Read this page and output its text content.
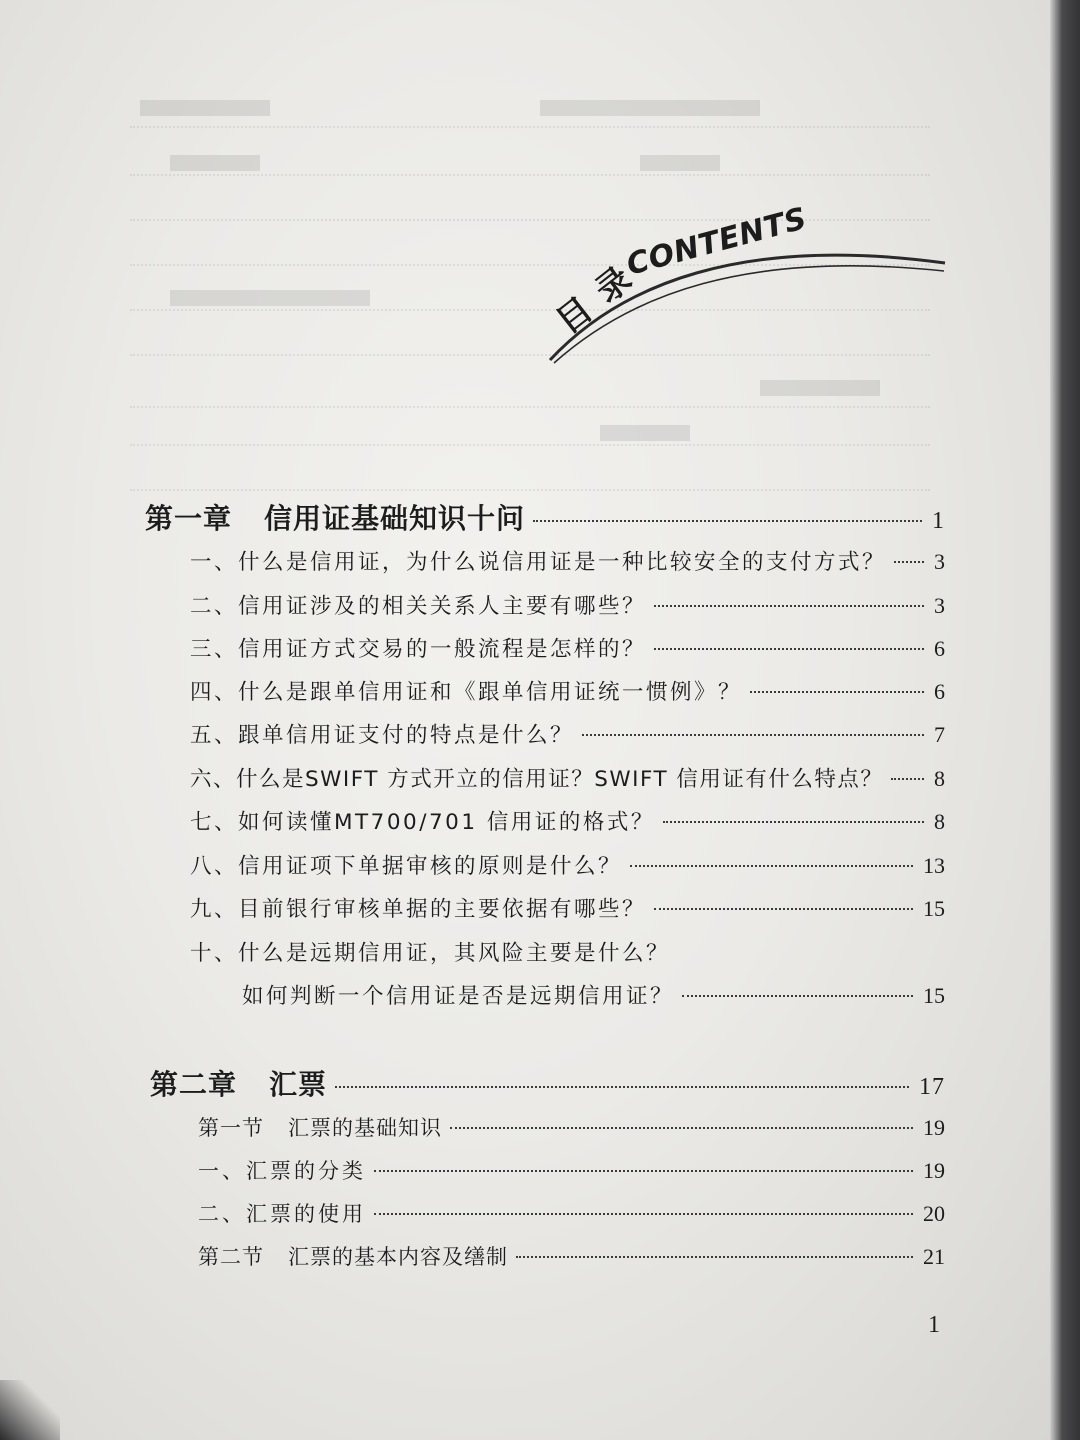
目 录
CONTENTS
第一章 信用证基础知识十问	1
一、什么是信用证，为什么说信用证是一种比较安全的支付方式？ 3
二、信用证涉及的相关关系人主要有哪些？	3
三、信用证方式交易的一般流程是怎样的？	6
四、什么是跟单信用证和《跟单信用证统一惯例》？	6
五、跟单信用证支付的特点是什么？	7
六、什么是SWIFT 方式开立的信用证？SWIFT 信用证有什么特点？ 8
七、如何读懂MT700/701 信用证的格式？	8
八、信用证项下单据审核的原则是什么？	13
九、目前银行审核单据的主要依据有哪些？	15
十、什么是远期信用证，其风险主要是什么？
如何判断一个信用证是否是远期信用证？	15
第二章 汇票	17
第一节 汇票的基础知识	19
一、汇票的分类	19
二、汇票的使用	20
第二节 汇票的基本内容及缮制	21
1
